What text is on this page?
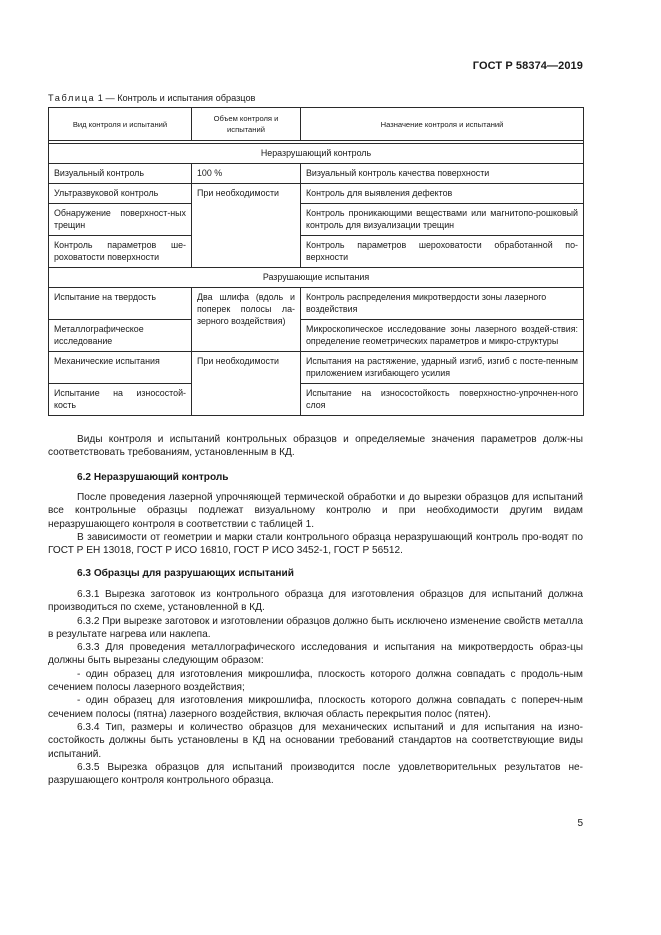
ГОСТ Р 58374—2019
Таблица 1 — Контроль и испытания образцов
Вид контроля и испытаний	Объем контроля и испытаний	Назначение контроля и испытаний

Неразрушающий контроль		
Визуальный контроль	100 %	Визуальный контроль качества поверхности
Ультразвуковой контроль	При необходимости	Контроль для выявления дефектов
Обнаружение поверхност-ных трещин		Контроль проникающими веществами или магнитопо-рошковый контроль для визуализации трещин
Контроль параметров ше-роховатости поверхности		Контроль параметров шероховатости обработанной по-верхности
Разрушающие испытания		
Испытание на твердость	Два шлифа (вдоль и поперек полосы ла-зерного воздействия)	Контроль распределения микротвердости зоны лазерного воздействия
Металлографическое исследование		Микроскопическое исследование зоны лазерного воздей-ствия: определение геометрических параметров и микро-структуры
Механические испытания	При необходимости	Испытания на растяжение, ударный изгиб, изгиб с посте-пенным приложением изгибающего усилия
Испытание на износостой-кость		Испытание на износостойкость поверхностно-упрочнен-ного слоя

Виды контроля и испытаний контрольных образцов и определяемые значения параметров долж-ны соответствовать требованиям, установленным в КД.

6.2 Неразрушающий контроль

После проведения лазерной упрочняющей термической обработки и до вырезки образцов для испытаний все контрольные образцы подлежат визуальному контролю и при необходимости другим видам неразрушающего контроля в соответствии с таблицей 1.

В зависимости от геометрии и марки стали контрольного образца неразрушающий контроль про-водят по ГОСТ Р ЕН 13018, ГОСТ Р ИСО 16810, ГОСТ Р ИСО 3452-1, ГОСТ Р 56512.

6.3 Образцы для разрушающих испытаний

6.3.1 Вырезка заготовок из контрольного образца для изготовления образцов для испытаний должна производиться по схеме, установленной в КД.

6.3.2 При вырезке заготовок и изготовлении образцов должно быть исключено изменение свойств металла в результате нагрева или наклепа.

6.3.3 Для проведения металлографического исследования и испытания на микротвердость образ-цы должны быть вырезаны следующим образом:

- один образец для изготовления микрошлифа, плоскость которого должна совпадать с продоль-ным сечением полосы лазерного воздействия;

- один образец для изготовления микрошлифа, плоскость которого должна совпадать с попереч-ным сечением полосы (пятна) лазерного воздействия, включая область перекрытия полос (пятен).

6.3.4 Тип, размеры и количество образцов для механических испытаний и для испытания на изно-состойкость должны быть установлены в КД на основании требований стандартов на соответствующие виды испытаний.

6.3.5 Вырезка образцов для испытаний производится после удовлетворительных результатов не-разрушающего контроля контрольного образца.

5
